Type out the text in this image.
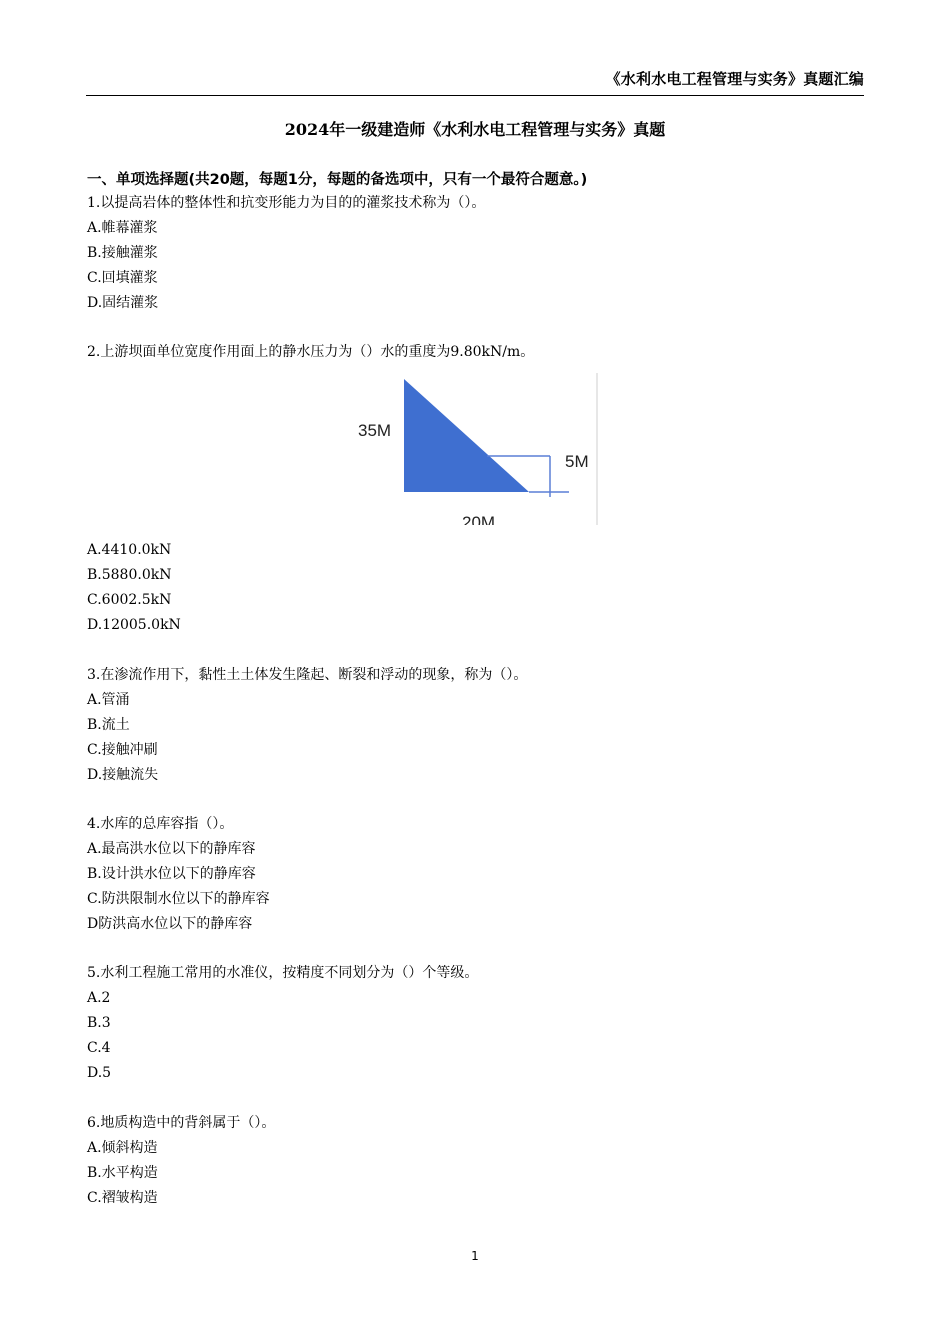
《水利水电工程管理与实务》真题汇编
2024年一级建造师《水利水电工程管理与实务》真题
一、单项选择题(共20题，每题1分，每题的备选项中，只有一个最符合题意。)
1.以提高岩体的整体性和抗变形能力为目的的灌浆技术称为（）。
A.帷幕灌浆
B.接触灌浆
C.回填灌浆
D.固结灌浆
2.上游坝面单位宽度作用面上的静水压力为（）水的重度为9.80kN/m。
35M
5M
20M
A.4410.0kN
B.5880.0kN
C.6002.5kN
D.12005.0kN
3.在渗流作用下，黏性土土体发生隆起、断裂和浮动的现象，称为（）。
A.管涌
B.流土
C.接触冲刷
D.接触流失
4.水库的总库容指（）。
A.最高洪水位以下的静库容
B.设计洪水位以下的静库容
C.防洪限制水位以下的静库容
D防洪高水位以下的静库容
5.水利工程施工常用的水准仪，按精度不同划分为（）个等级。
A.2
B.3
C.4
D.5
6.地质构造中的背斜属于（）。
A.倾斜构造
B.水平构造
C.褶皱构造
1
